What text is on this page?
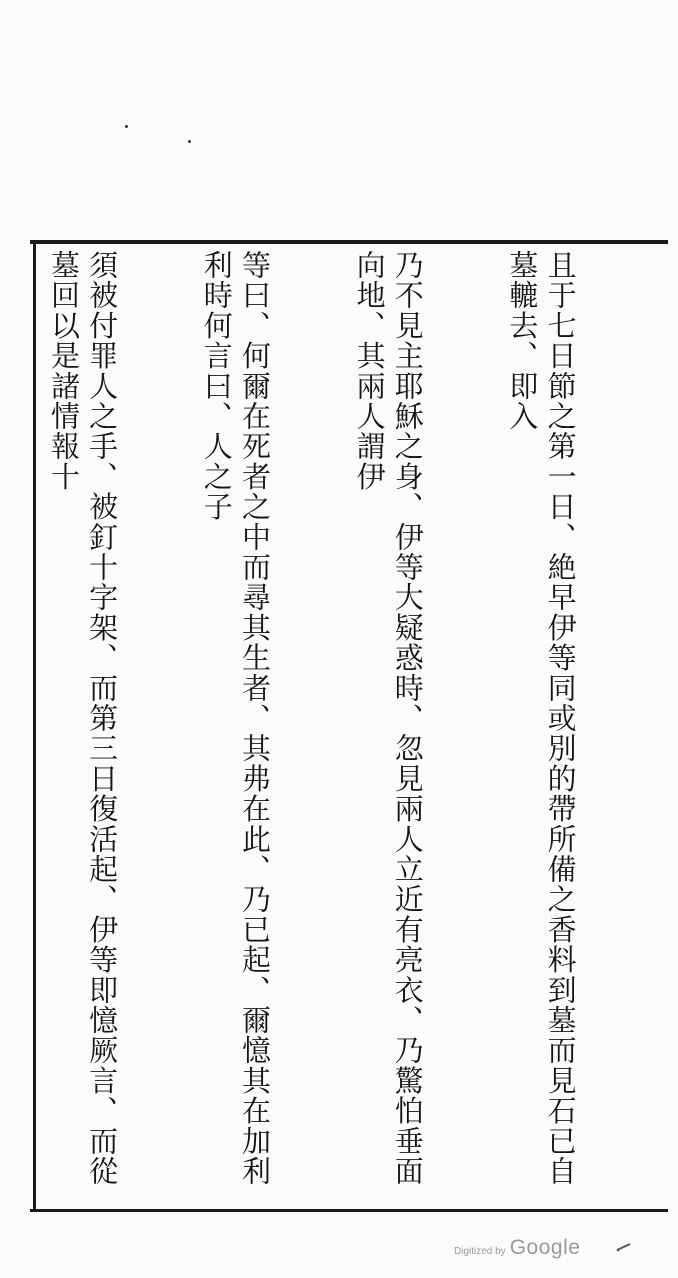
且于七日節之第一日、絶早伊等同或別的帶所備之香料到墓而見石已自墓轆去、即入

乃不見主耶穌之身、伊等大疑惑時、忽見兩人立近有亮衣、乃驚怕垂面向地、其兩人謂伊

等曰、何爾在死者之中而尋其生者、其弗在此、乃已起、爾憶其在加利利時何言曰、人之子

須被付罪人之手、被釘十字架、而第三日復活起、伊等即憶厥言、而從墓回以是諸情報十

Digitized by Google
